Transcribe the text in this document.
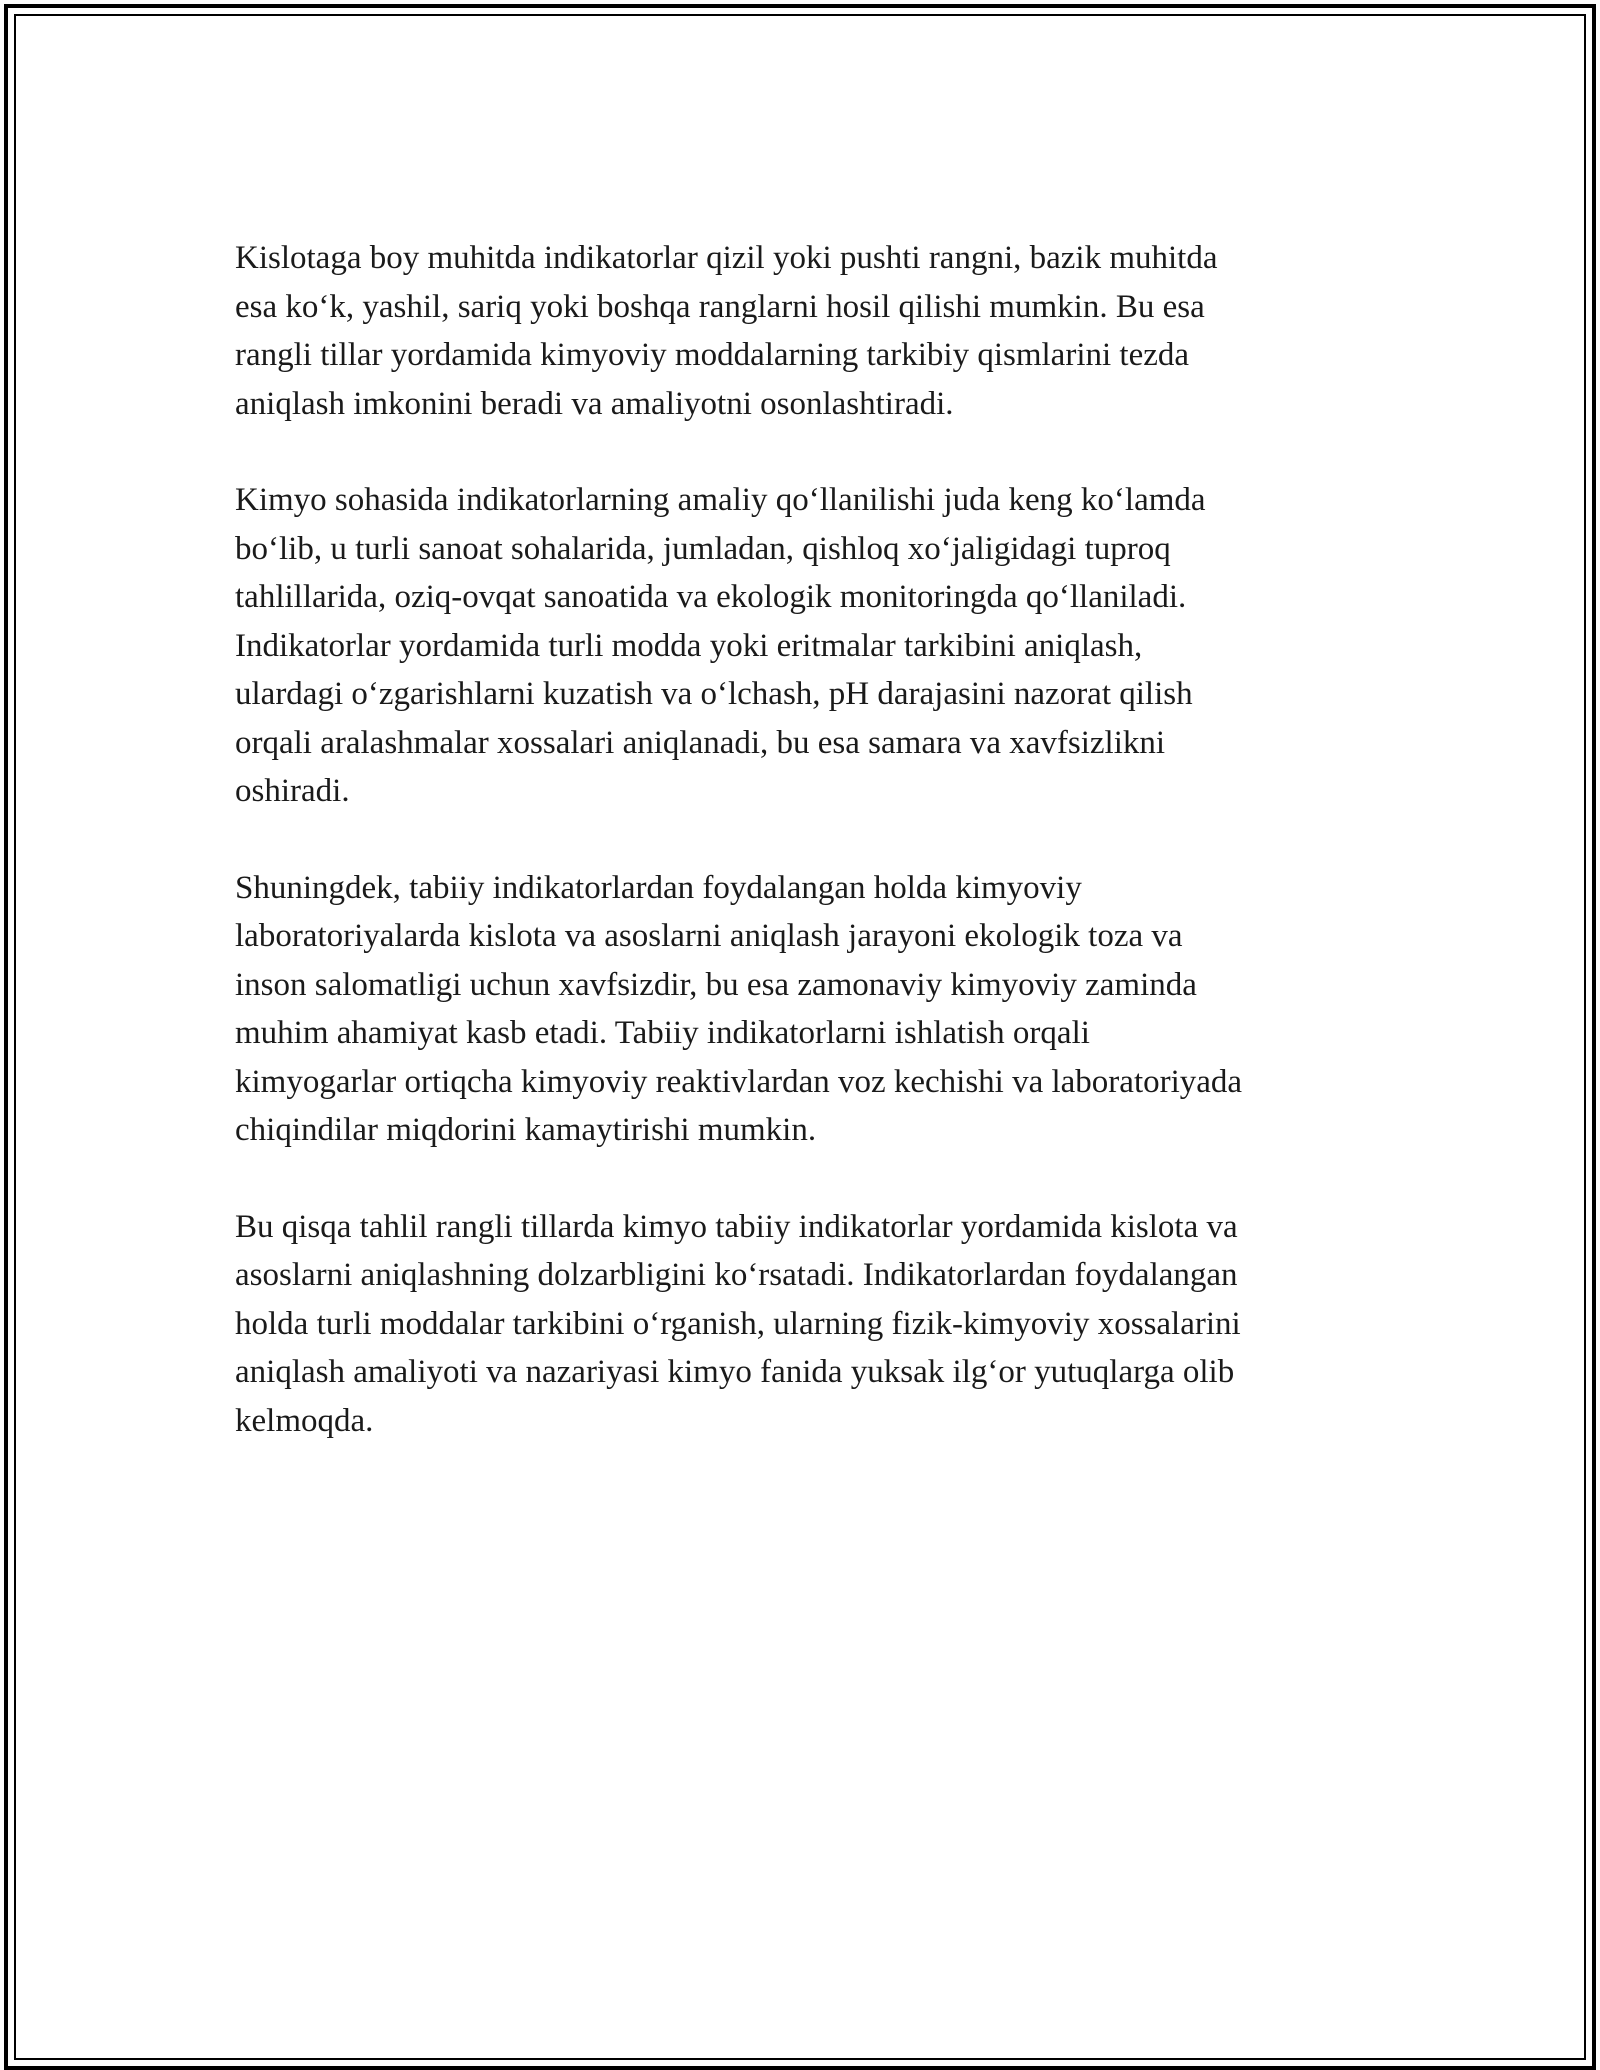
Kislotaga boy muhitda indikatorlar qizil yoki pushti rangni, bazik muhitda
esa ko‘k, yashil, sariq yoki boshqa ranglarni hosil qilishi mumkin. Bu esa
rangli tillar yordamida kimyoviy moddalarning tarkibiy qismlarini tezda
aniqlash imkonini beradi va amaliyotni osonlashtiradi.

Kimyo sohasida indikatorlarning amaliy qo‘llanilishi juda keng ko‘lamda
bo‘lib, u turli sanoat sohalarida, jumladan, qishloq xo‘jaligidagi tuproq
tahlillarida, oziq-ovqat sanoatida va ekologik monitoringda qo‘llaniladi.
Indikatorlar yordamida turli modda yoki eritmalar tarkibini aniqlash,
ulardagi o‘zgarishlarni kuzatish va o‘lchash, pH darajasini nazorat qilish
orqali aralashmalar xossalari aniqlanadi, bu esa samara va xavfsizlikni
oshiradi.

Shuningdek, tabiiy indikatorlardan foydalangan holda kimyoviy
laboratoriyalarda kislota va asoslarni aniqlash jarayoni ekologik toza va
inson salomatligi uchun xavfsizdir, bu esa zamonaviy kimyoviy zaminda
muhim ahamiyat kasb etadi. Tabiiy indikatorlarni ishlatish orqali
kimyogarlar ortiqcha kimyoviy reaktivlardan voz kechishi va laboratoriyada
chiqindilar miqdorini kamaytirishi mumkin.

Bu qisqa tahlil rangli tillarda kimyo tabiiy indikatorlar yordamida kislota va
asoslarni aniqlashning dolzarbligini ko‘rsatadi. Indikatorlardan foydalangan
holda turli moddalar tarkibini o‘rganish, ularning fizik-kimyoviy xossalarini
aniqlash amaliyoti va nazariyasi kimyo fanida yuksak ilg‘or yutuqlarga olib
kelmoqda.
